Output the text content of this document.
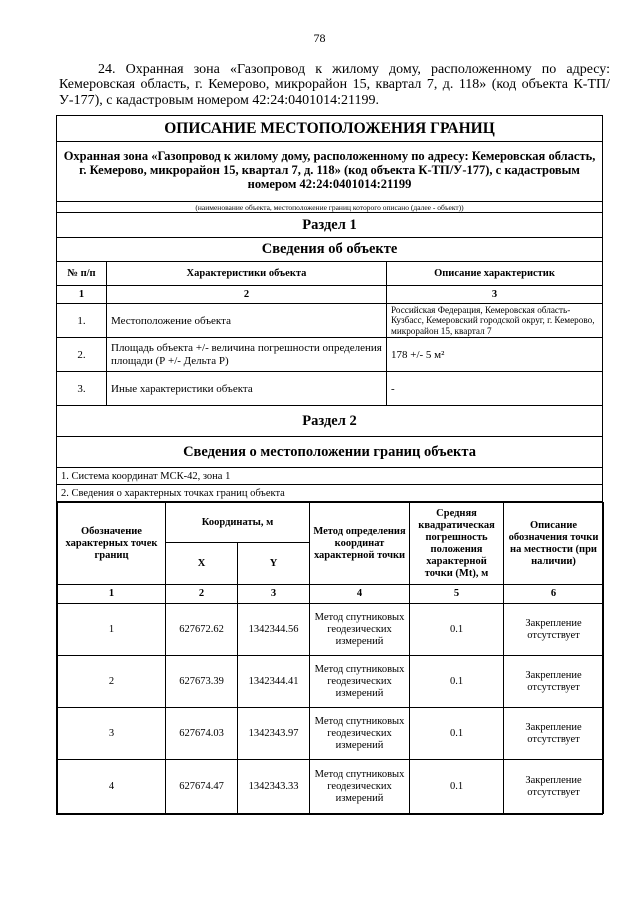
78
24. Охранная зона «Газопровод к жилому дому, расположенному по адресу: Кемеровская область, г. Кемерово, микрорайон 15, квартал 7, д. 118» (код объекта К-ТП/У-177), с кадастровым номером 42:24:0401014:21199.
ОПИСАНИЕ МЕСТОПОЛОЖЕНИЯ ГРАНИЦ
Охранная зона «Газопровод к жилому дому, расположенному по адресу: Кемеровская область, г. Кемерово, микрорайон 15, квартал 7, д. 118» (код объекта К-ТП/У-177), с кадастровым номером 42:24:0401014:21199
(наименование объекта, местоположение границ которого описано (далее - объект))
Раздел 1
Сведения об объекте
№ п/п	Характеристики объекта	Описание характеристик
1	2	3
1.	Местоположение объекта	Российская Федерация, Кемеровская область-Кузбасс, Кемеровский городской округ, г. Кемерово, микрорайон 15, квартал 7
2.	Площадь объекта +/- величина погрешности определения площади (Р +/- Дельта Р)	178 +/- 5 м²
3.	Иные характеристики объекта	-
Раздел 2
Сведения о местоположении границ объекта
1. Система координат МСК-42, зона 1
2. Сведения о характерных точках границ объекта

Обозначение характерных точек границ	Координаты, м	Метод определения координат характерной точки	Средняя квадратическая погрешность положения характерной точки (Mt), м	Описание обозначения точки на местности (при наличии)
X	Y
1	2	3	4	5	6
1	627672.62	1342344.56	Метод спутниковых геодезических измерений	0.1	Закрепление отсутствует
2	627673.39	1342344.41	Метод спутниковых геодезических измерений	0.1	Закрепление отсутствует
3	627674.03	1342343.97	Метод спутниковых геодезических измерений	0.1	Закрепление отсутствует
4	627674.47	1342343.33	Метод спутниковых геодезических измерений	0.1	Закрепление отсутствует
